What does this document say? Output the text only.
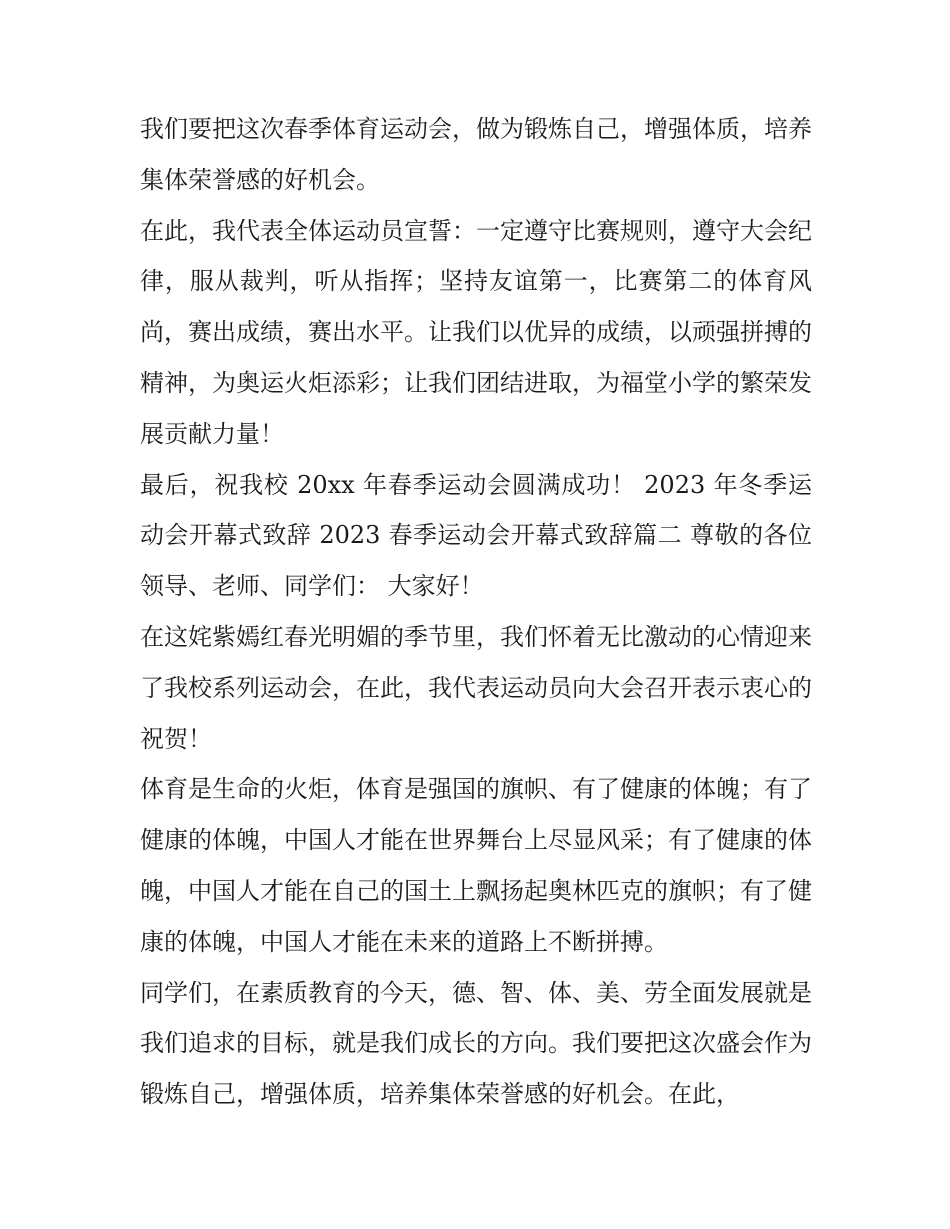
我们要把这次春季体育运动会，做为锻炼自己，增强体质，培养集体荣誉感的好机会。

在此，我代表全体运动员宣誓：一定遵守比赛规则，遵守大会纪律，服从裁判，听从指挥；坚持友谊第一，比赛第二的体育风尚，赛出成绩，赛出水平。让我们以优异的成绩，以顽强拼搏的精神，为奥运火炬添彩；让我们团结进取，为福堂小学的繁荣发展贡献力量！

最后，祝我校 20xx 年春季运动会圆满成功！ 2023 年冬季运动会开幕式致辞 2023 春季运动会开幕式致辞篇二 尊敬的各位领导、老师、同学们： 大家好！

在这姹紫嫣红春光明媚的季节里，我们怀着无比激动的心情迎来了我校系列运动会，在此，我代表运动员向大会召开表示衷心的祝贺！

体育是生命的火炬，体育是强国的旗帜、有了健康的体魄；有了健康的体魄，中国人才能在世界舞台上尽显风采；有了健康的体魄，中国人才能在自己的国土上飘扬起奥林匹克的旗帜；有了健康的体魄，中国人才能在未来的道路上不断拼搏。

同学们，在素质教育的今天，德、智、体、美、劳全面发展就是我们追求的目标，就是我们成长的方向。我们要把这次盛会作为锻炼自己，增强体质，培养集体荣誉感的好机会。在此，
